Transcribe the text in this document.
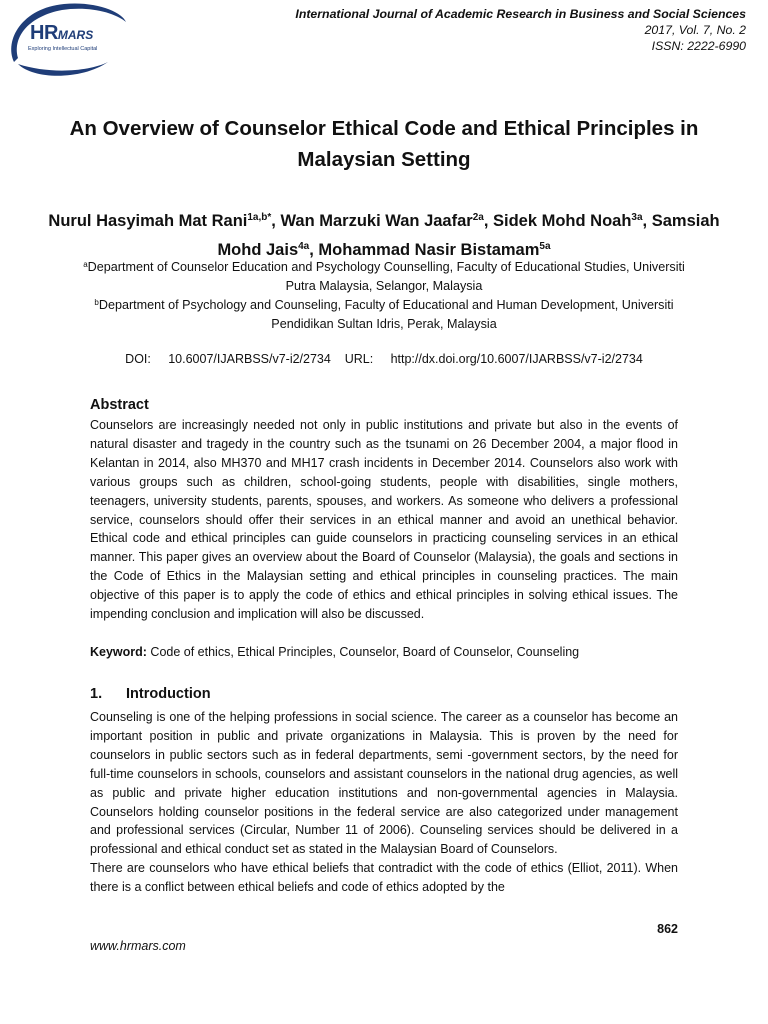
HRMARS
Exploring Intellectual Capital
International Journal of Academic Research in Business and Social Sciences
2017, Vol. 7, No. 2
ISSN: 2222-6990
An Overview of Counselor Ethical Code and Ethical Principles in Malaysian Setting
Nurul Hasyimah Mat Rani$^{1a,b*}$, Wan Marzuki Wan Jaafar$^{2a}$, Sidek Mohd Noah$^{3a}$, Samsiah Mohd Jais$^{4a}$, Mohammad Nasir Bistamam$^{5a}$
$^a$Department of Counselor Education and Psychology Counselling, Faculty of Educational Studies, Universiti Putra Malaysia, Selangor, Malaysia
$^b$Department of Psychology and Counseling, Faculty of Educational and Human Development, Universiti Pendidikan Sultan Idris, Perak, Malaysia
DOI:     10.6007/IJARBSS/v7-i2/2734    URL:     http://dx.doi.org/10.6007/IJARBSS/v7-i2/2734
Abstract

Counselors are increasingly needed not only in public institutions and private but also in the events of natural disaster and tragedy in the country such as the tsunami on 26 December 2004, a major flood in Kelantan in 2014, also MH370 and MH17 crash incidents in December 2014. Counselors also work with various groups such as children, school-going students, people with disabilities, single mothers, teenagers, university students, parents, spouses, and workers. As someone who delivers a professional service, counselors should offer their services in an ethical manner and avoid an unethical behavior. Ethical code and ethical principles can guide counselors in practicing counseling services in an ethical manner. This paper gives an overview about the Board of Counselor (Malaysia), the goals and sections in the Code of Ethics in the Malaysian setting and ethical principles in counseling practices. The main objective of this paper is to apply the code of ethics and ethical principles in solving ethical issues. The impending conclusion and implication will also be discussed.

Keyword: Code of ethics, Ethical Principles, Counselor, Board of Counselor, Counseling
1. Introduction

Counseling is one of the helping professions in social science. The career as a counselor has become an important position in public and private organizations in Malaysia. This is proven by the need for counselors in public sectors such as in federal departments, semi -government sectors, by the need for full-time counselors in schools, counselors and assistant counselors in the national drug agencies, as well as public and private higher education institutions and non-governmental agencies in Malaysia. Counselors holding counselor positions in the federal service are also categorized under management and professional services (Circular, Number 11 of 2006). Counseling services should be delivered in a professional and ethical conduct set as stated in the Malaysian Board of Counselors.

There are counselors who have ethical beliefs that contradict with the code of ethics (Elliot, 2011). When there is a conflict between ethical beliefs and code of ethics adopted by the

862
www.hrmars.com
